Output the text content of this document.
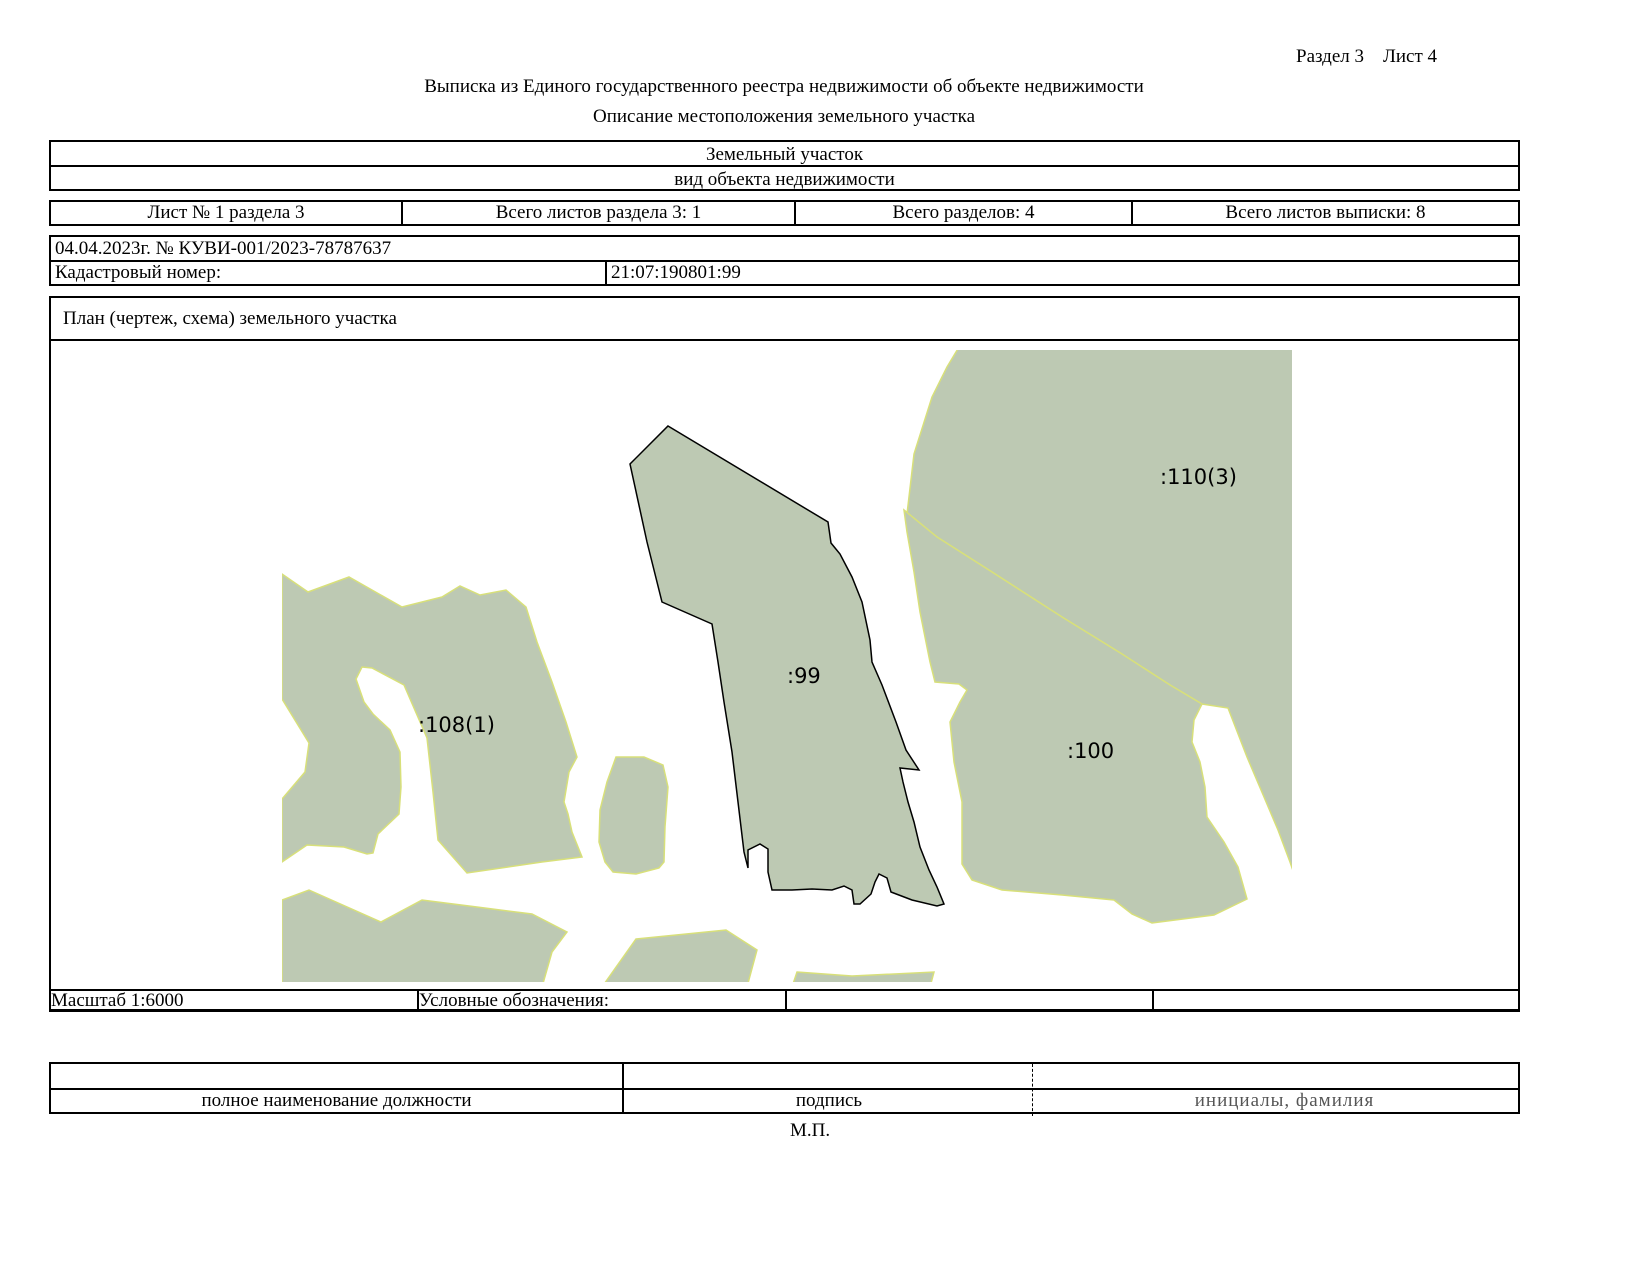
Раздел 3    Лист 4
Выписка из Единого государственного реестра недвижимости об объекте недвижимости
Описание местоположения земельного участка
Земельный участок
вид объекта недвижимости
Лист № 1 раздела 3	Всего листов раздела 3: 1	Всего разделов: 4	Всего листов выписки: 8
04.04.2023г. № КУВИ-001/2023-78787637
Кадастровый номер:	21:07:190801:99
План (чертеж, схема) земельного участка
:108(1)
:99
:100
:110(3)
Масштаб 1:6000	Условные обозначения:
полное наименование должности	подпись	инициалы, фамилия
М.П.
